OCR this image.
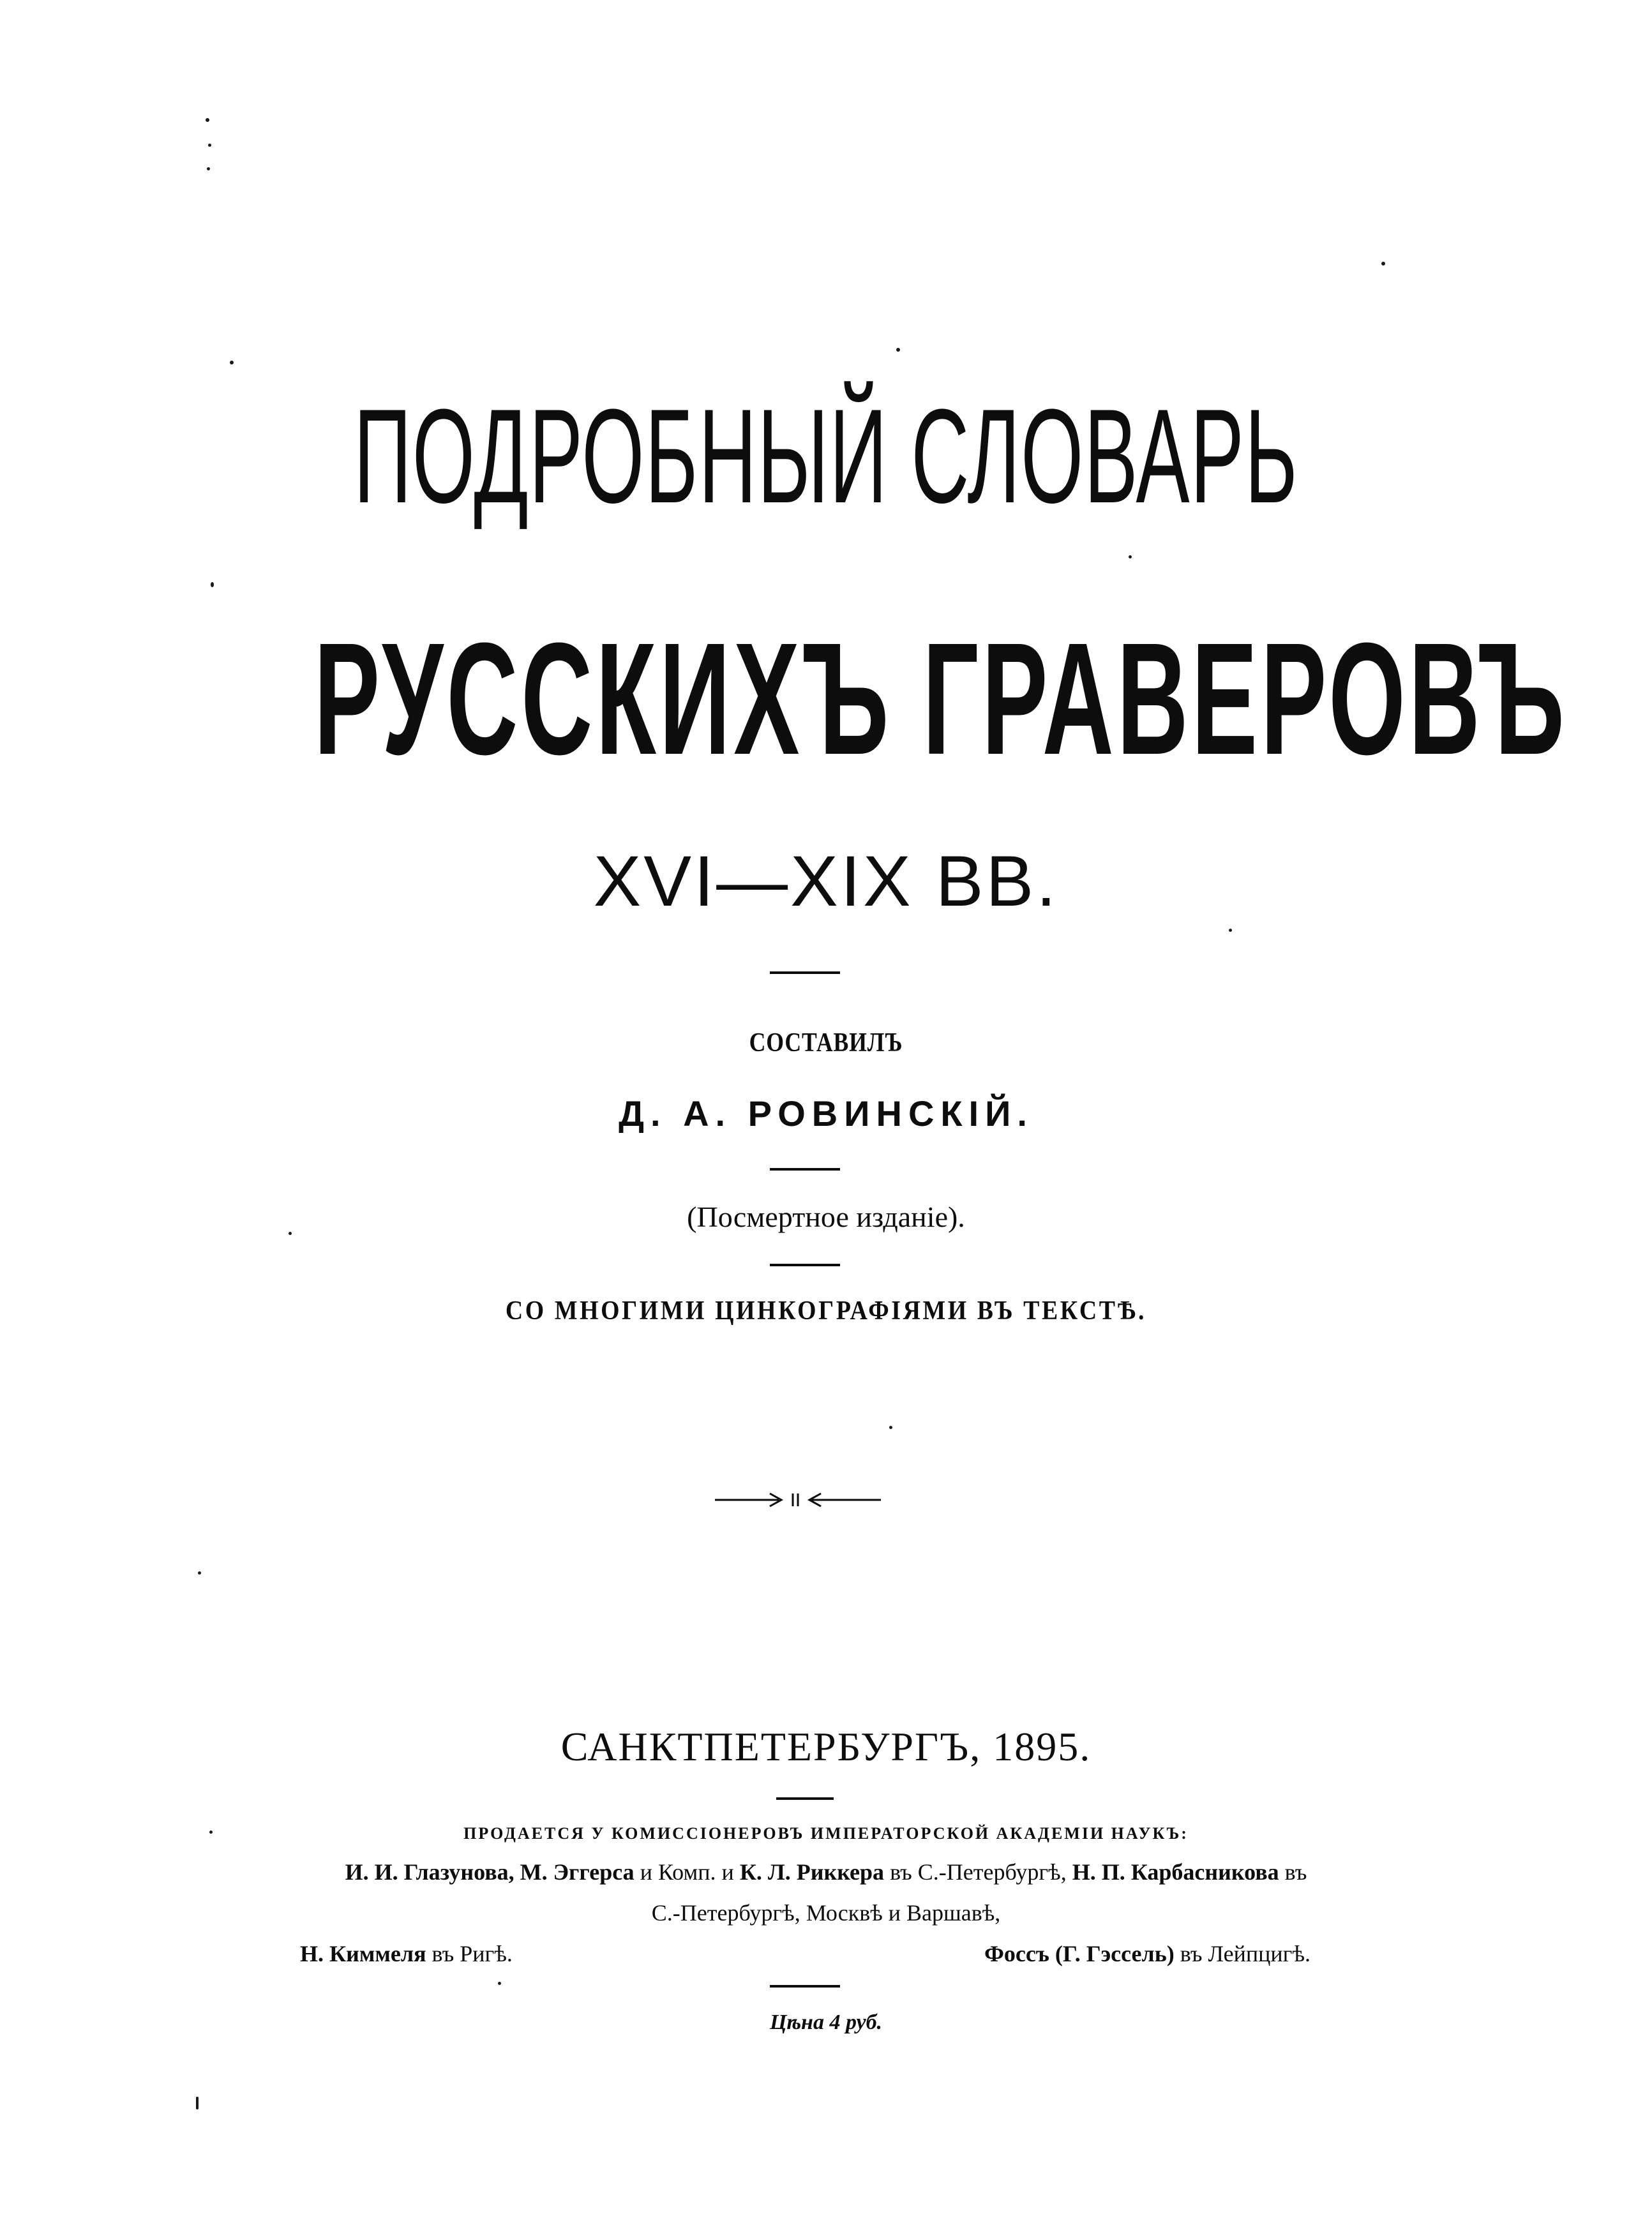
ПОДРОБНЫЙ СЛОВАРЬ
РУССКИХЪ ГРАВЕРОВЪ
XVI—XIX ВВ.
СОСТАВИЛЪ
Д. А. РОВИНСКІЙ.
(Посмертное изданіе).
СО МНОГИМИ ЦИНКОГРАФІЯМИ ВЪ ТЕКСТѢ.
САНКТПЕТЕРБУРГЪ, 1895.
ПРОДАЕТСЯ У КОМИССІОНЕРОВЪ ИМПЕРАТОРСКОЙ АКАДЕМІИ НАУКЪ:
И. И. Глазунова, М. Эггерса и Комп. и К. Л. Риккера въ С.-Петербургѣ, Н. П. Карбасникова въ
С.-Петербургѣ, Москвѣ и Варшавѣ,
Н. Киммеля въ Ригѣ.	Фоссъ (Г. Гэссель) въ Лейпцигѣ.
Цѣна 4 руб.
